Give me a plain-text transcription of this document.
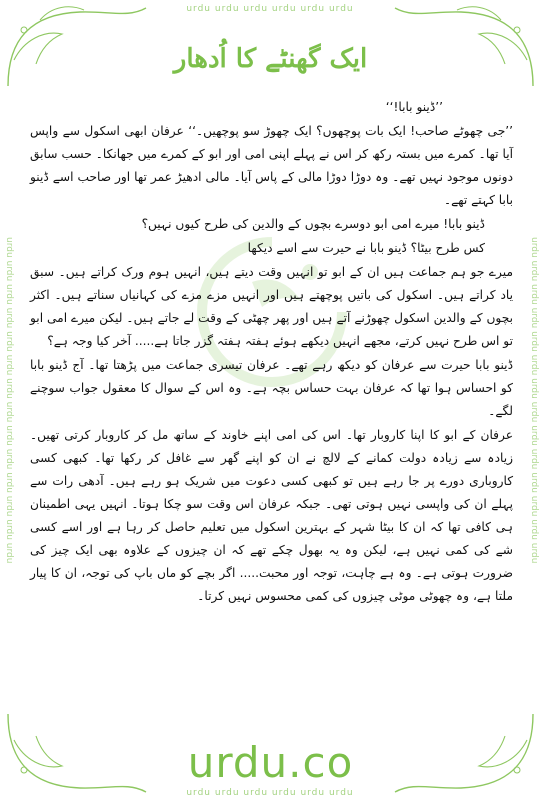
urdu urdu urdu urdu urdu urdu
urdu urdu urdu urdu urdu urdu
urdu urdu urdu urdu urdu urdu urdu urdu urdu urdu urdu urdu urdu urdu	urdu urdu urdu urdu urdu urdu urdu urdu urdu urdu urdu urdu urdu urdu
ایک گھنٹے کا اُدھار

’’ڈینو بابا!‘‘

’’جی چھوٹے صاحب! ایک بات پوچھوں؟ ایک چھوڑ سو پوچھیں۔‘‘ عرفان ابھی اسکول سے واپس آیا تھا۔ کمرے میں بستہ رکھ کر اس نے پہلے اپنی امی اور ابو کے کمرے میں جھانکا۔ حسب سابق دونوں موجود نہیں تھے۔ وہ دوڑا دوڑا مالی کے پاس آیا۔ مالی ادھیڑ عمر تھا اور صاحب اسے ڈینو بابا کہتے تھے۔

ڈینو بابا! میرے امی ابو دوسرے بچوں کے والدین کی طرح کیوں نہیں؟

کس طرح بیٹا؟ ڈینو بابا نے حیرت سے اسے دیکھا

میرے جو ہم جماعت ہیں ان کے ابو تو انہیں وقت دیتے ہیں، انہیں ہوم ورک کراتے ہیں۔ سبق یاد کراتے ہیں۔ اسکول کی باتیں پوچھتے ہیں اور انہیں مزے مزے کی کہانیاں سناتے ہیں۔ اکثر بچوں کے والدین اسکول چھوڑنے آتے ہیں اور پھر چھٹی کے وقت لے جاتے ہیں۔ لیکن میرے امی ابو تو اس طرح نہیں کرتے، مجھے انہیں دیکھے ہوئے ہفتہ ہفتہ گزر جاتا ہے..... آخر کیا وجہ ہے؟

ڈینو بابا حیرت سے عرفان کو دیکھ رہے تھے۔ عرفان تیسری جماعت میں پڑھتا تھا۔ آج ڈینو بابا کو احساس ہوا تھا کہ عرفان بہت حساس بچہ ہے۔ وہ اس کے سوال کا معقول جواب سوچنے لگے۔

عرفان کے ابو کا اپنا کاروبار تھا۔ اس کی امی اپنے خاوند کے ساتھ مل کر کاروبار کرتی تھیں۔ زیادہ سے زیادہ دولت کمانے کے لالچ نے ان کو اپنے گھر سے غافل کر رکھا تھا۔ کبھی کسی کاروباری دورے پر جا رہے ہیں تو کبھی کسی دعوت میں شریک ہو رہے ہیں۔ آدھی رات سے پہلے ان کی واپسی نہیں ہوتی تھی۔ جبکہ عرفان اس وقت سو چکا ہوتا۔ انہیں یہی اطمینان ہی کافی تھا کہ ان کا بیٹا شہر کے بہترین اسکول میں تعلیم حاصل کر رہا ہے اور اسے کسی شے کی کمی نہیں ہے، لیکن وہ یہ بھول چکے تھے کہ ان چیزوں کے علاوہ بھی ایک چیز کی ضرورت ہوتی ہے۔ وہ ہے چاہت، توجہ اور محبت..... اگر بچے کو ماں باپ کی توجہ، ان کا پیار ملتا ہے، وہ چھوٹی موٹی چیزوں کی کمی محسوس نہیں کرتا۔

urdu.co
